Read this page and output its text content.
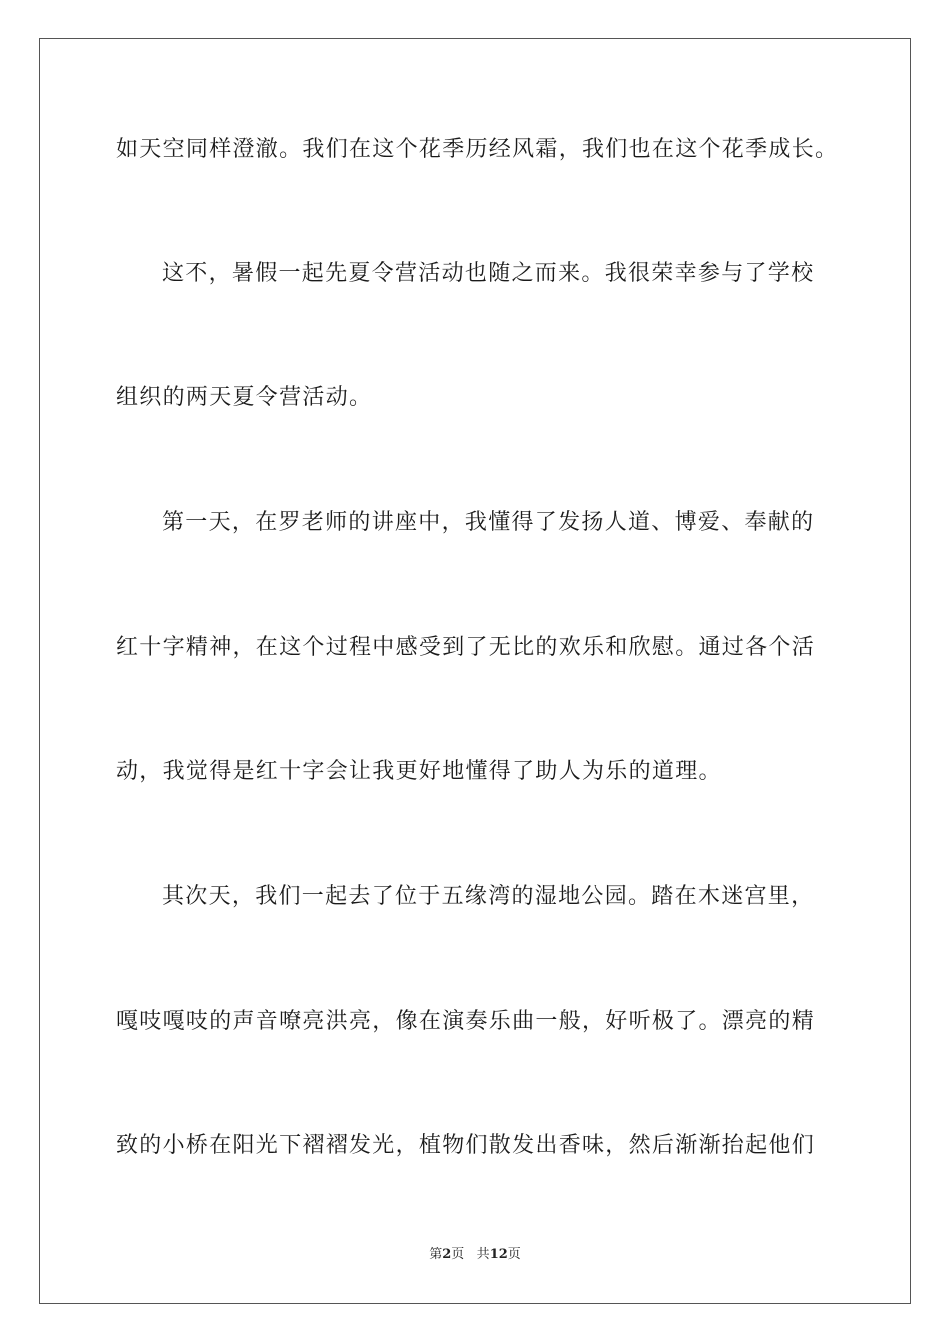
如天空同样澄澈。我们在这个花季历经风霜，我们也在这个花季成长。
这不，暑假一起先夏令营活动也随之而来。我很荣幸参与了学校
组织的两天夏令营活动。
第一天，在罗老师的讲座中，我懂得了发扬人道、博爱、奉献的
红十字精神，在这个过程中感受到了无比的欢乐和欣慰。通过各个活
动，我觉得是红十字会让我更好地懂得了助人为乐的道理。
其次天，我们一起去了位于五缘湾的湿地公园。踏在木迷宫里，
嘎吱嘎吱的声音嘹亮洪亮，像在演奏乐曲一般，好听极了。漂亮的精
致的小桥在阳光下褶褶发光，植物们散发出香味，然后渐渐抬起他们
第2页 共12页
